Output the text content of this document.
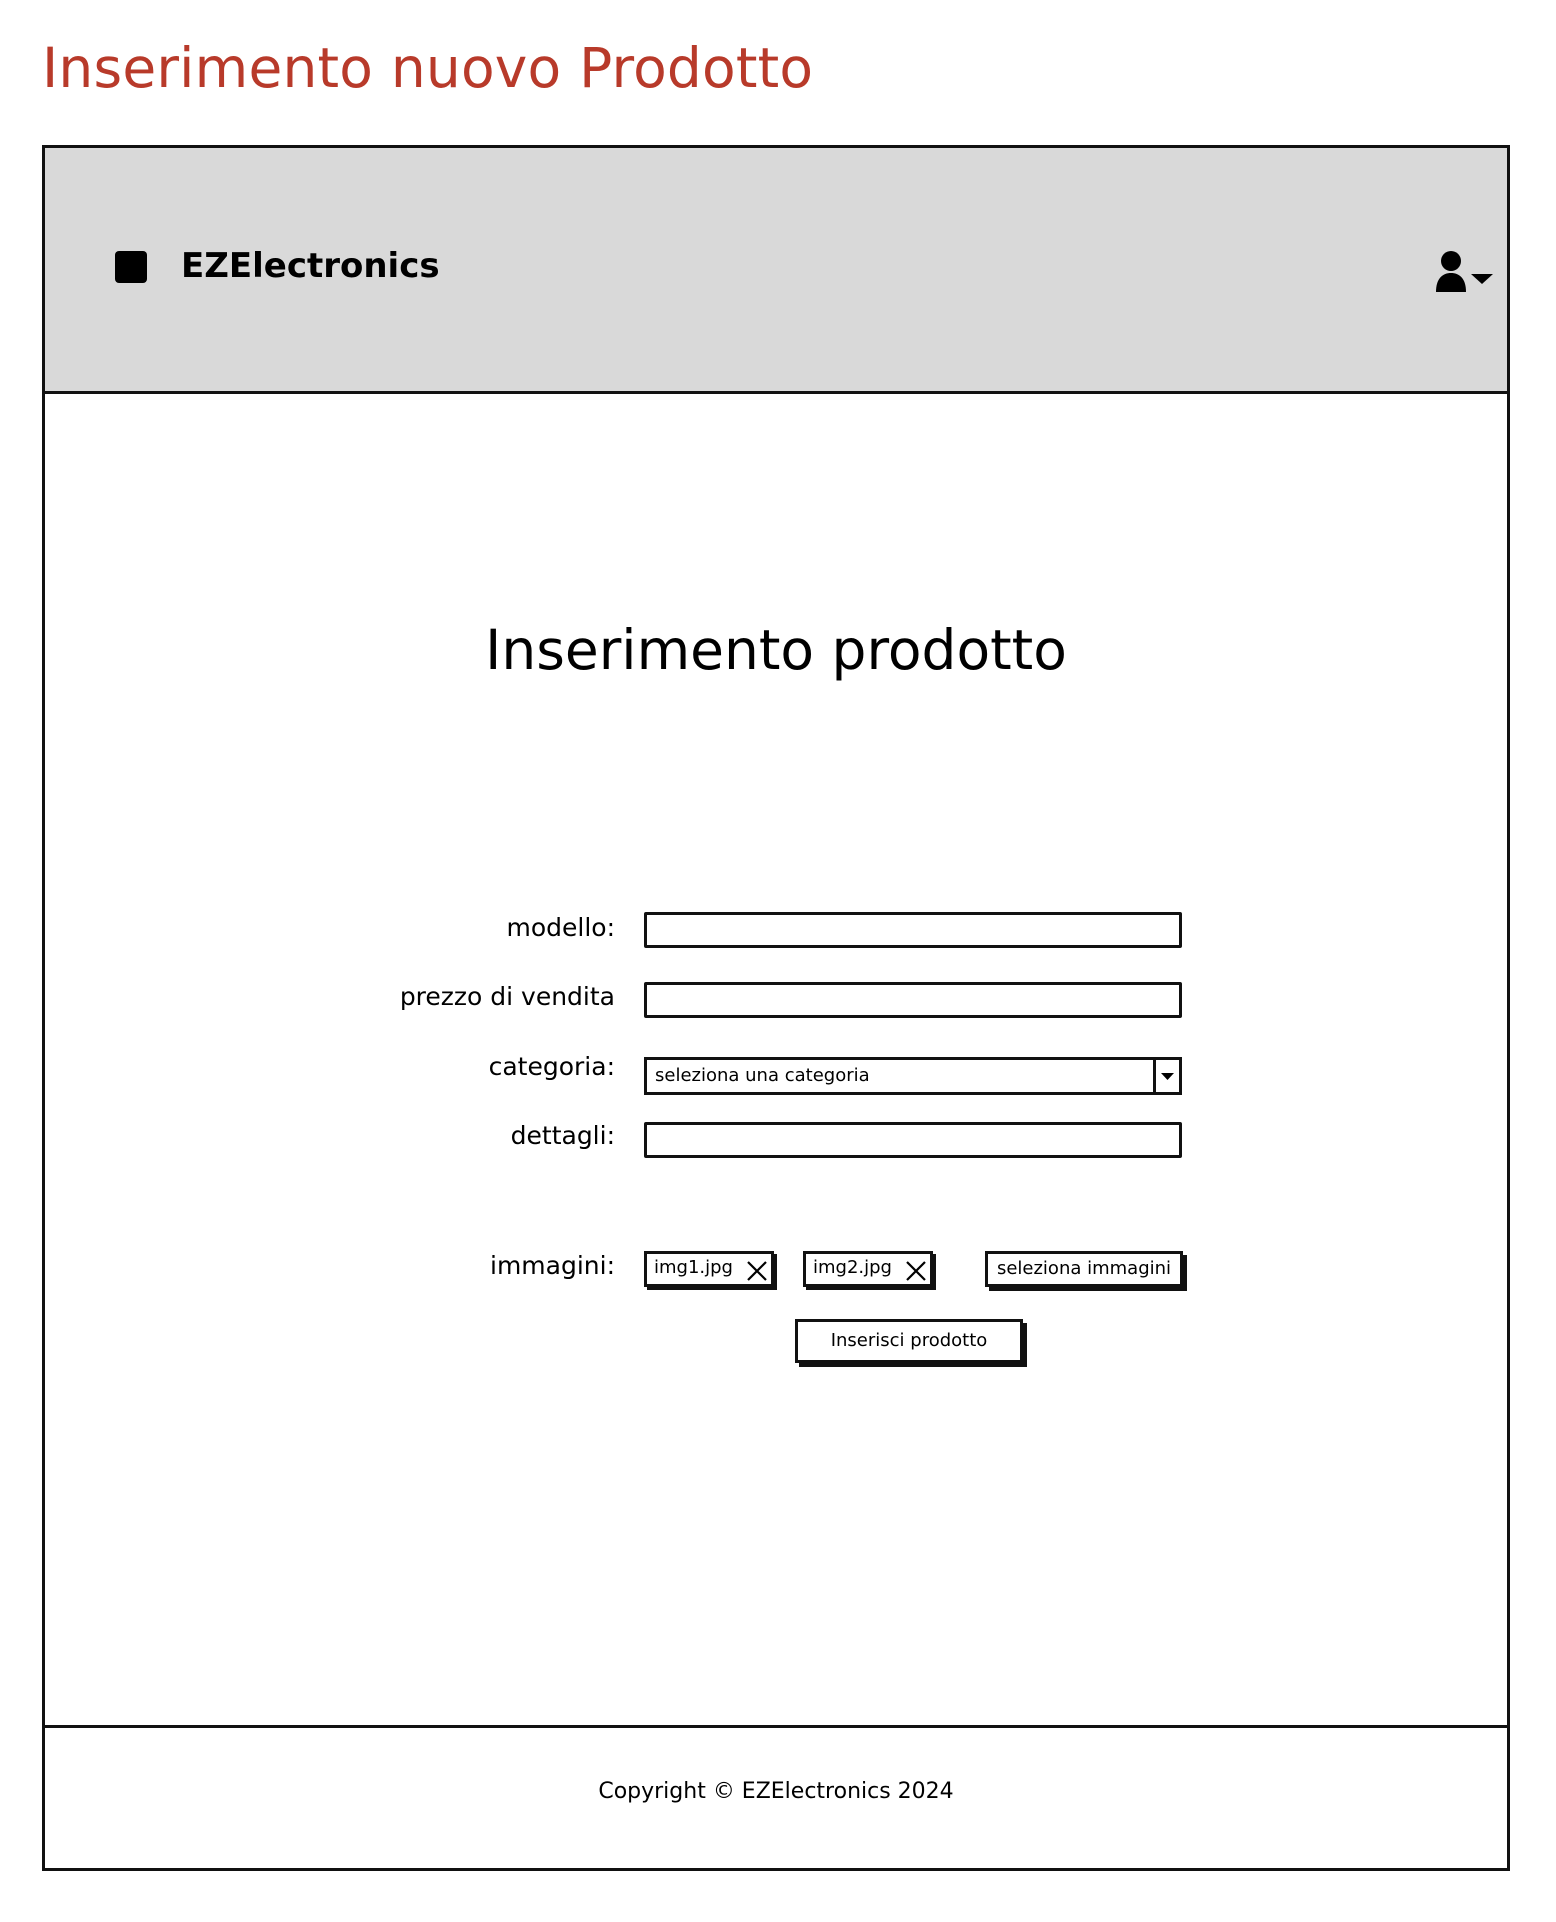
Inserimento nuovo Prodotto
EZElectronics
Inserimento prodotto
modello:
prezzo di vendita
categoria: seleziona una categoria
dettagli:
immagini: img1.jpg	img2.jpg	seleziona immagini
Inserisci prodotto
Copyright © EZElectronics 2024
